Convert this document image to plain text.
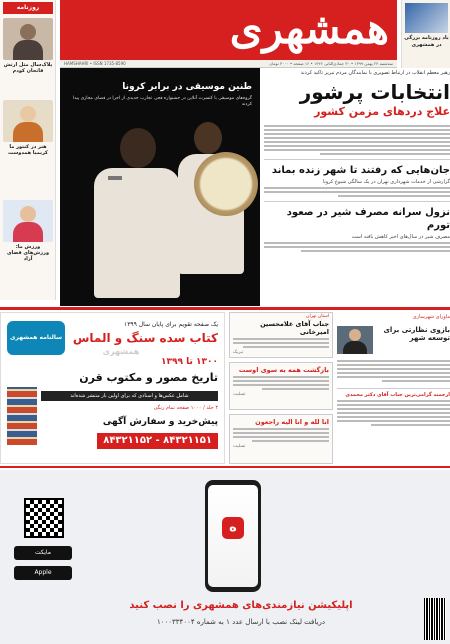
روزنامه
پلاک‌سال مثل ارتش فاتحان کودم
هنر در کنتور ما کریمیا همدوست
ورزش ما: ورزش‌های فضای آزاد
همشهری
HAMSHAHRI • ISSN 1735-8590	سه‌شنبه ۲۴ بهمن ۱۳۹۹ • ۳۰ جمادی‌الثانی ۱۴۴۲ • ۱۶ صفحه • ۳۰۰۰ تومان
یاد روزنامه‌ بزرگی در همشهری
رهبر معظم انقلاب در ارتباط تصویری با نمایندگان مردم تبریز تاکید کردند
طنین موسیقی در برابر کرونا
گروه‌های موسیقی با کنسرت آنلاین در جشنواره فجر، تجارب جدیدی از اجرا در فضای مجازی پیدا کردند
انتخابات پرشور
علاج دردهای مزمن کشور
جان‌هایی که رفتند تا شهر زنده بماند
گزارشی از خدمات شهرداری تهران در یک سالگی شیوع کرونا
نزول سرانه مصرف شیر در صعود تورم
مصرف شیر در سال‌های اخیر کاهش یافته است
سالنامه همشهری
یک صفحه تقویم برای پایان سال ۱۳۹۹
کتاب سده سنگ و الماس
همشهری
۱۳۰۰ تا ۱۳۹۹
تاریخ مصور و مکتوب قرن
شامل عکس‌ها و اسنادی که برای اولین بار منتشر شده‌اند
۴ جلد / ۱۰۰۰ صفحه تمام رنگی
پیش‌خرید و سفارش آگهی
۸۴۳۲۱۱۵۱ - ۸۴۳۲۱۱۵۲
استان تهران
جناب آقای غلامحسین امیرخانی
تبریک
بازگشت همه‌ به سوی اوست
تسلیت
انا لله و انا الیه راجعون
تسلیت
ماورای شهرسازی
بازوی نظارتی برای توسعه شهر
ارجمند گرامی‌ترین جناب آقای دکتر محمدی
مایکت
Apple
ه
اپلیکیشن نیازمندی‌های همشهری را نصب کنید
دریافت لینک نصب با ارسال عدد ۱ به شماره ۱۰۰۰۳۳۴۰۰۴
